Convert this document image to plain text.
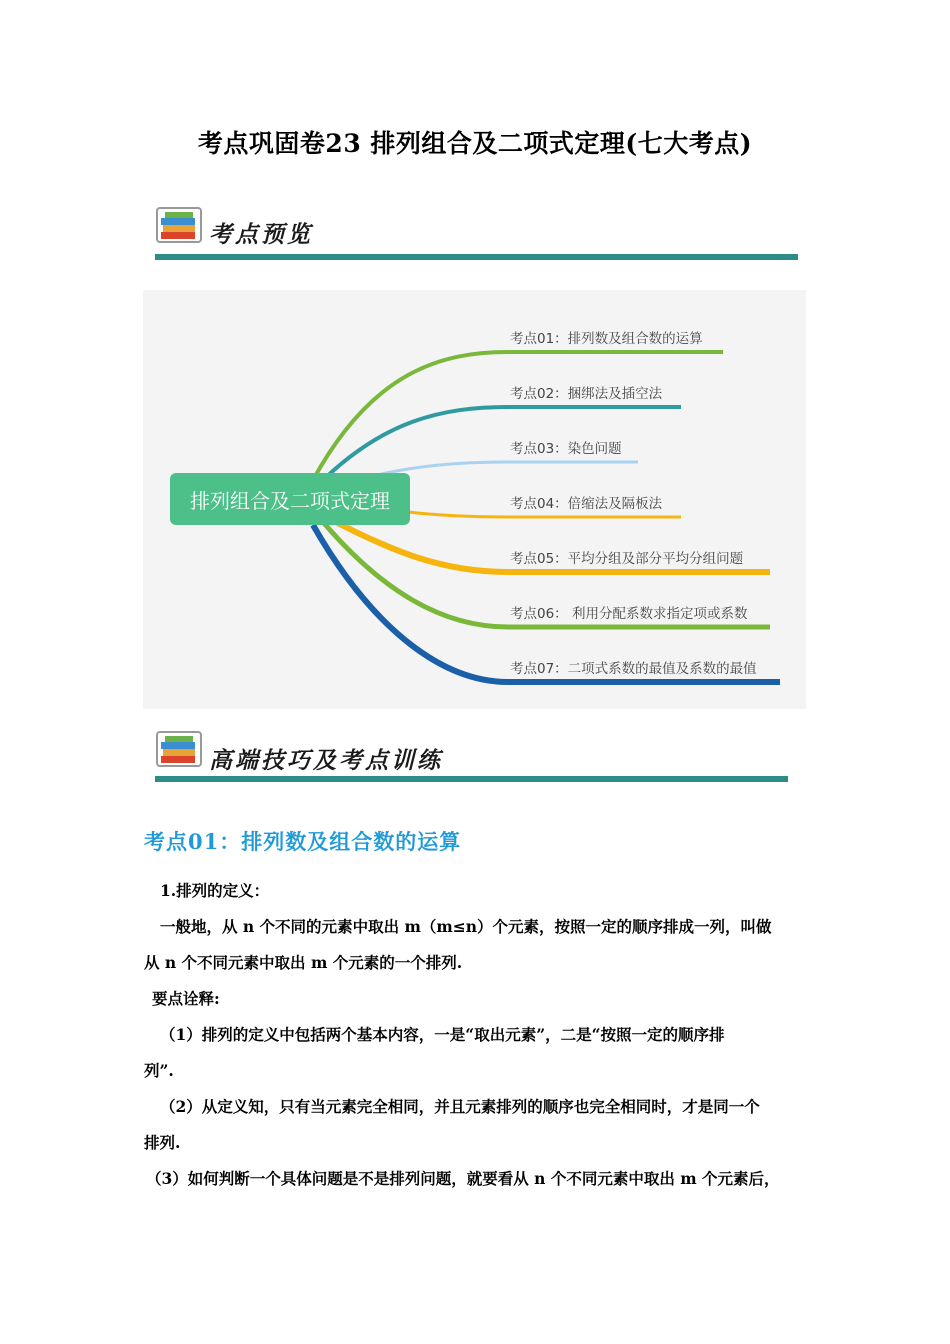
考点巩固卷23 排列组合及二项式定理(七大考点)
考点预览
排列组合及二项式定理
考点01：排列数及组合数的运算
考点02：捆绑法及插空法
考点03：染色问题
考点04：倍缩法及隔板法
考点05：平均分组及部分平均分组问题
考点06： 利用分配系数求指定项或系数
考点07：二项式系数的最值及系数的最值
高端技巧及考点训练
考点01：排列数及组合数的运算
1.排列的定义：
一般地，从 n 个不同的元素中取出 m（m≤n）个元素，按照一定的顺序排成一列，叫做
从 n 个不同元素中取出 m 个元素的一个排列.
要点诠释:
（1）排列的定义中包括两个基本内容，一是“取出元素”，二是“按照一定的顺序排
列”.
（2）从定义知，只有当元素完全相同，并且元素排列的顺序也完全相同时，才是同一个
排列.
（3）如何判断一个具体问题是不是排列问题，就要看从 n 个不同元素中取出 m 个元素后，
